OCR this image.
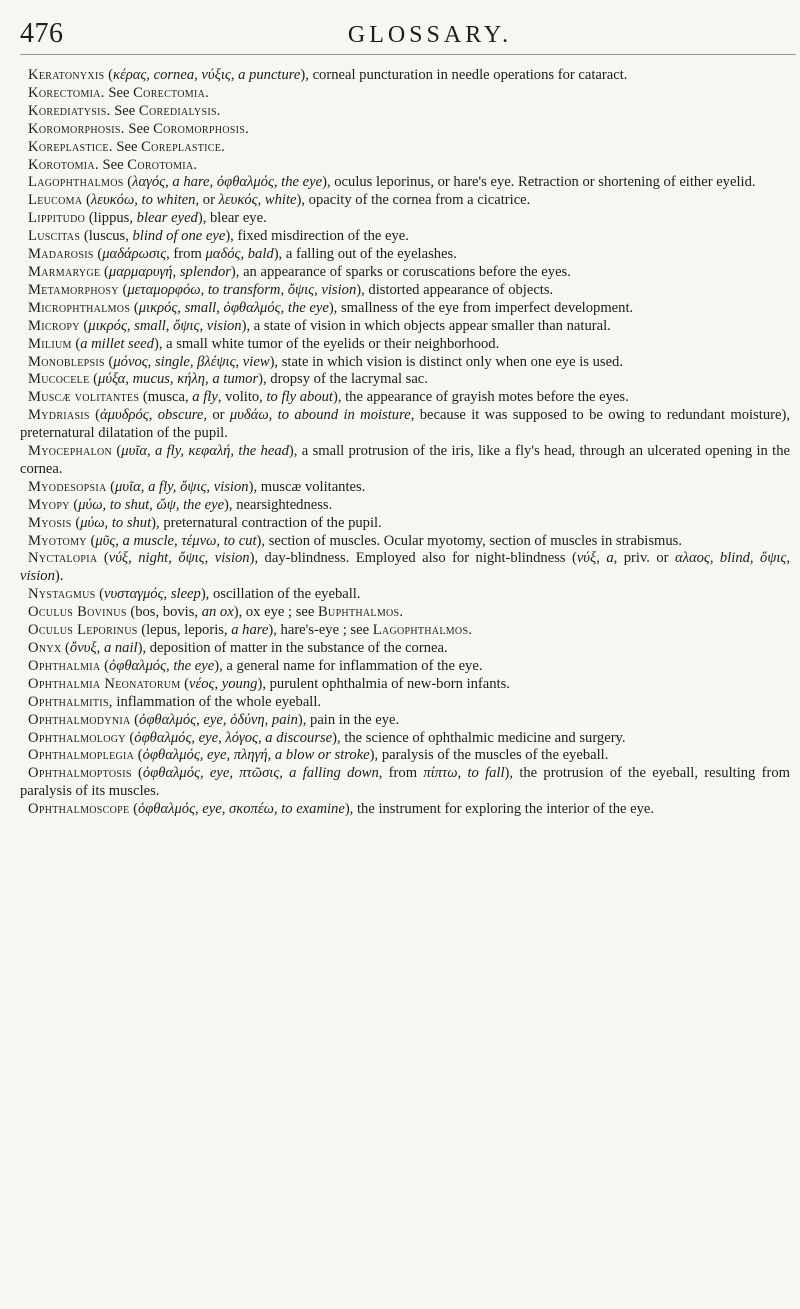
476	GLOSSARY.

Keratonyxis (κέρας, cornea, νύξις, a puncture), corneal puncturation in needle operations for cataract.

Korectomia. See Corectomia.

Korediatysis. See Coredialysis.

Koromorphosis. See Coromorphosis.

Koreplastice. See Coreplastice.

Korotomia. See Corotomia.

Lagophthalmos (λαγός, a hare, ὀφθαλμός, the eye), oculus leporinus, or hare's eye. Retraction or shortening of either eyelid.

Leucoma (λευκόω, to whiten, or λευκός, white), opacity of the cornea from a cicatrice.

Lippitudo (lippus, blear eyed), blear eye.

Luscitas (luscus, blind of one eye), fixed misdirection of the eye.

Madarosis (μαδάρωσις, from μαδός, bald), a falling out of the eyelashes.

Marmaryge (μαρμαρυγή, splendor), an appearance of sparks or coruscations before the eyes.

Metamorphosy (μεταμορφόω, to transform, ὄψις, vision), distorted appearance of objects.

Microphthalmos (μικρός, small, ὀφθαλμός, the eye), smallness of the eye from imperfect development.

Micropy (μικρός, small, ὄψις, vision), a state of vision in which objects appear smaller than natural.

Milium (a millet seed), a small white tumor of the eyelids or their neighborhood.

Monoblepsis (μόνος, single, βλέψις, view), state in which vision is distinct only when one eye is used.

Mucocele (μύξα, mucus, κήλη, a tumor), dropsy of the lacrymal sac.

Muscæ volitantes (musca, a fly, volito, to fly about), the appearance of grayish motes before the eyes.

Mydriasis (ἀμυδρός, obscure, or μυδάω, to abound in moisture, because it was supposed to be owing to redundant moisture), preternatural dilatation of the pupil.

Myocephalon (μυῖα, a fly, κεφαλή, the head), a small protrusion of the iris, like a fly's head, through an ulcerated opening in the cornea.

Myodesopsia (μυῖα, a fly, ὄψις, vision), muscæ volitantes.

Myopy (μύω, to shut, ὤψ, the eye), nearsightedness.

Myosis (μύω, to shut), preternatural contraction of the pupil.

Myotomy (μῦς, a muscle, τέμνω, to cut), section of muscles. Ocular myotomy, section of muscles in strabismus.

Nyctalopia (νύξ, night, ὄψις, vision), day-blindness. Employed also for night-blindness (νύξ, a, priv. or αλαος, blind, ὄψις, vision).

Nystagmus (νυσταγμός, sleep), oscillation of the eyeball.

Oculus Bovinus (bos, bovis, an ox), ox eye ; see Buphthalmos.

Oculus Leporinus (lepus, leporis, a hare), hare's-eye ; see Lagophthalmos.

Onyx (ὄνυξ, a nail), deposition of matter in the substance of the cornea.

Ophthalmia (ὀφθαλμός, the eye), a general name for inflammation of the eye.

Ophthalmia Neonatorum (νέος, young), purulent ophthalmia of new-born infants.

Ophthalmitis, inflammation of the whole eyeball.

Ophthalmodynia (ὀφθαλμός, eye, ὀδύνη, pain), pain in the eye.

Ophthalmology (ὀφθαλμός, eye, λόγος, a discourse), the science of ophthalmic medicine and surgery.

Ophthalmoplegia (ὀφθαλμός, eye, πληγή, a blow or stroke), paralysis of the muscles of the eyeball.

Ophthalmoptosis (ὀφθαλμός, eye, πτῶσις, a falling down, from πίπτω, to fall), the protrusion of the eyeball, resulting from paralysis of its muscles.

Ophthalmoscope (ὀφθαλμός, eye, σκοπέω, to examine), the instrument for exploring the interior of the eye.
